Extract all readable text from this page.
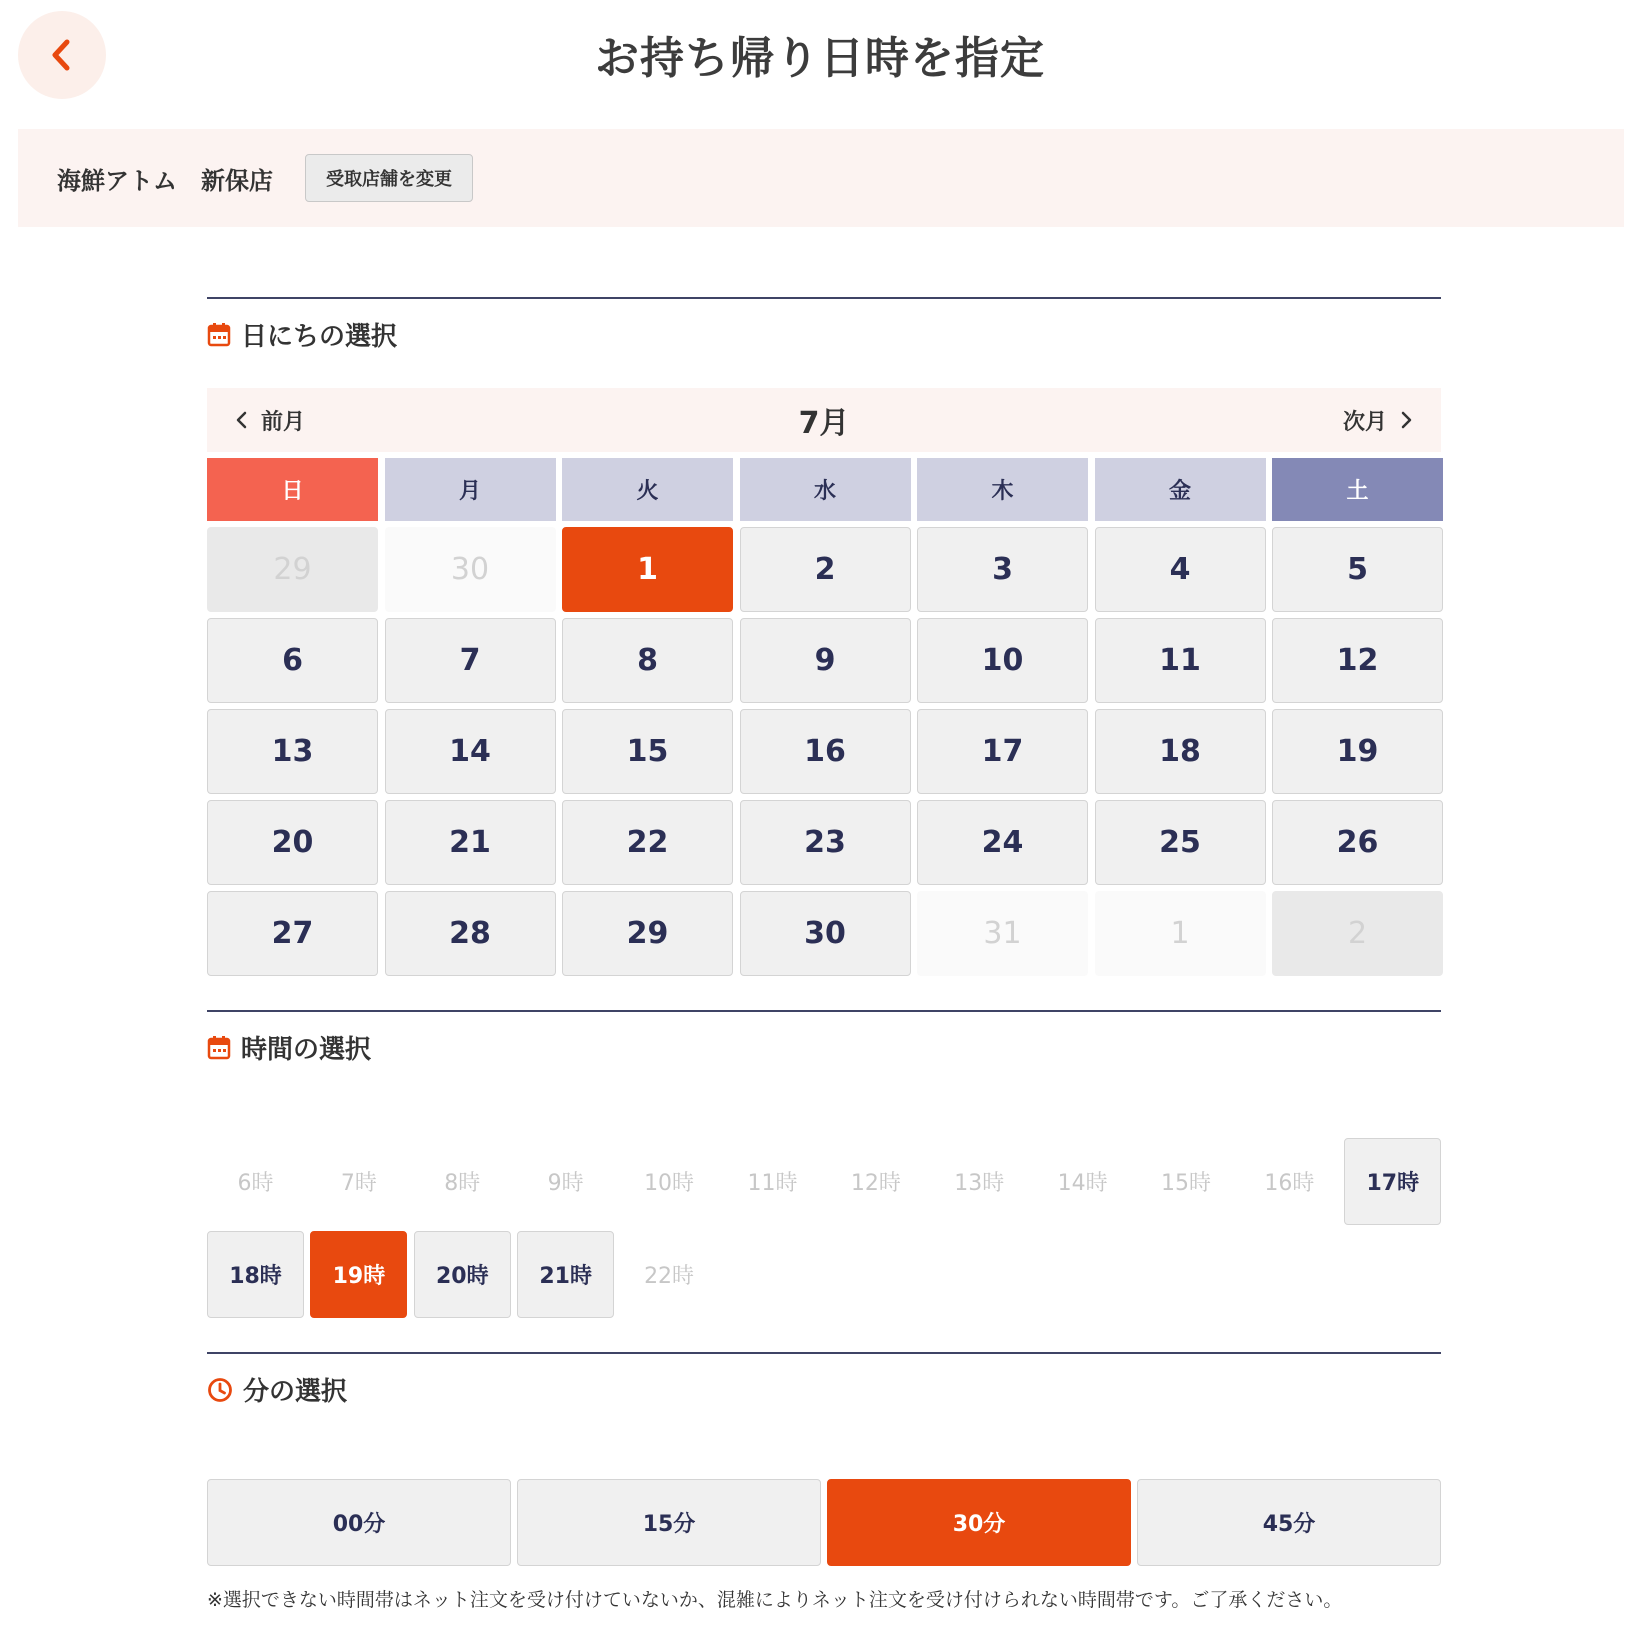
お持ち帰り日時を指定
海鮮アトム　新保店	受取店舗を変更
日にちの選択
前月	7月	次月
日	月	火	水	木	金	土
29	30	1	2	3	4	5
6	7	8	9	10	11	12
13	14	15	16	17	18	19
20	21	22	23	24	25	26
27	28	29	30	31	1	2
時間の選択
6時	7時	8時	9時	10時	11時	12時	13時	14時	15時	16時	17時
18時	19時	20時	21時	22時
分の選択
00分	15分	30分	45分

※選択できない時間帯はネット注文を受け付けていないか、混雑によりネット注文を受け付けられない時間帯です。ご了承ください。
